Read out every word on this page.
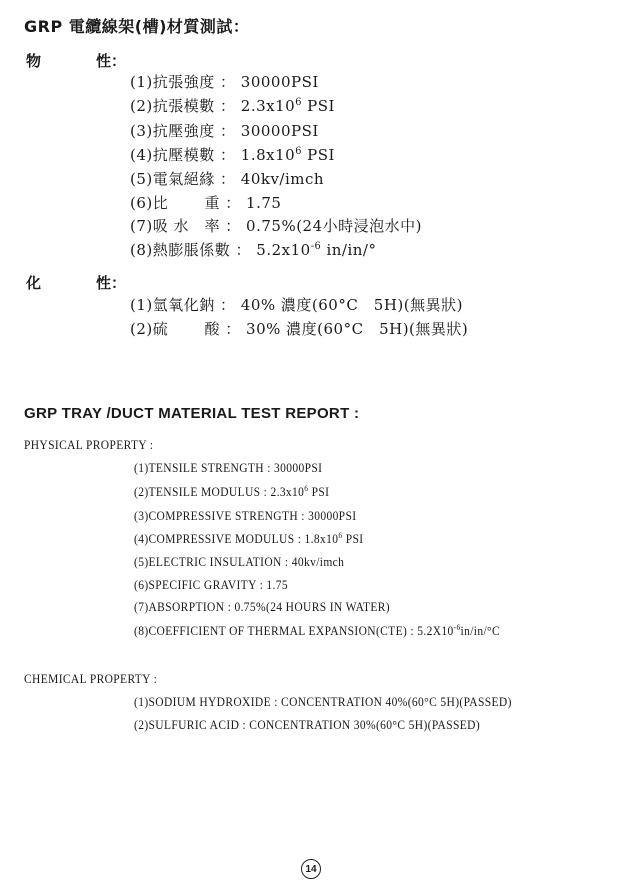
GRP 電纜線架(槽)材質測試：
物	性：
(1)抗張強度 ： 30000PSI
(2)抗張模數 ： $2.3x10^6$ PSI
(3)抗壓強度 ： 30000PSI
(4)抗壓模數 ： $1.8x10^6$ PSI
(5)電氣絕緣 ： 40kv/imch
(6)比　　 重 ： 1.75
(7)吸 水　率 ： 0.75%(24小時浸泡水中)
(8)熱膨脹係數 ： $5.2x10^{-6}$ in/in/°
化	性：
(1)氫氧化鈉 ： 40% 濃度(60°C　5H)(無異狀)
(2)硫　　 酸 ： 30% 濃度(60°C　5H)(無異狀)
GRP TRAY /DUCT MATERIAL TEST REPORT :
PHYSICAL PROPERTY :
(1)TENSILE STRENGTH : 30000PSI
(2)TENSILE MODULUS : $2.3x10^6$ PSI
(3)COMPRESSIVE STRENGTH : 30000PSI
(4)COMPRESSIVE MODULUS : $1.8x10^6$ PSI
(5)ELECTRIC INSULATION : 40kv/imch
(6)SPECIFIC GRAVITY : 1.75
(7)ABSORPTION : 0.75%(24 HOURS IN WATER)
(8)COEFFICIENT OF THERMAL EXPANSION(CTE) : $5.2X10^{-6}in/in/^\circ C$
CHEMICAL PROPERTY :
(1)SODIUM HYDROXIDE : CONCENTRATION 40%(60°C 5H)(PASSED)
(2)SULFURIC ACID : CONCENTRATION 30%(60°C 5H)(PASSED)
14
